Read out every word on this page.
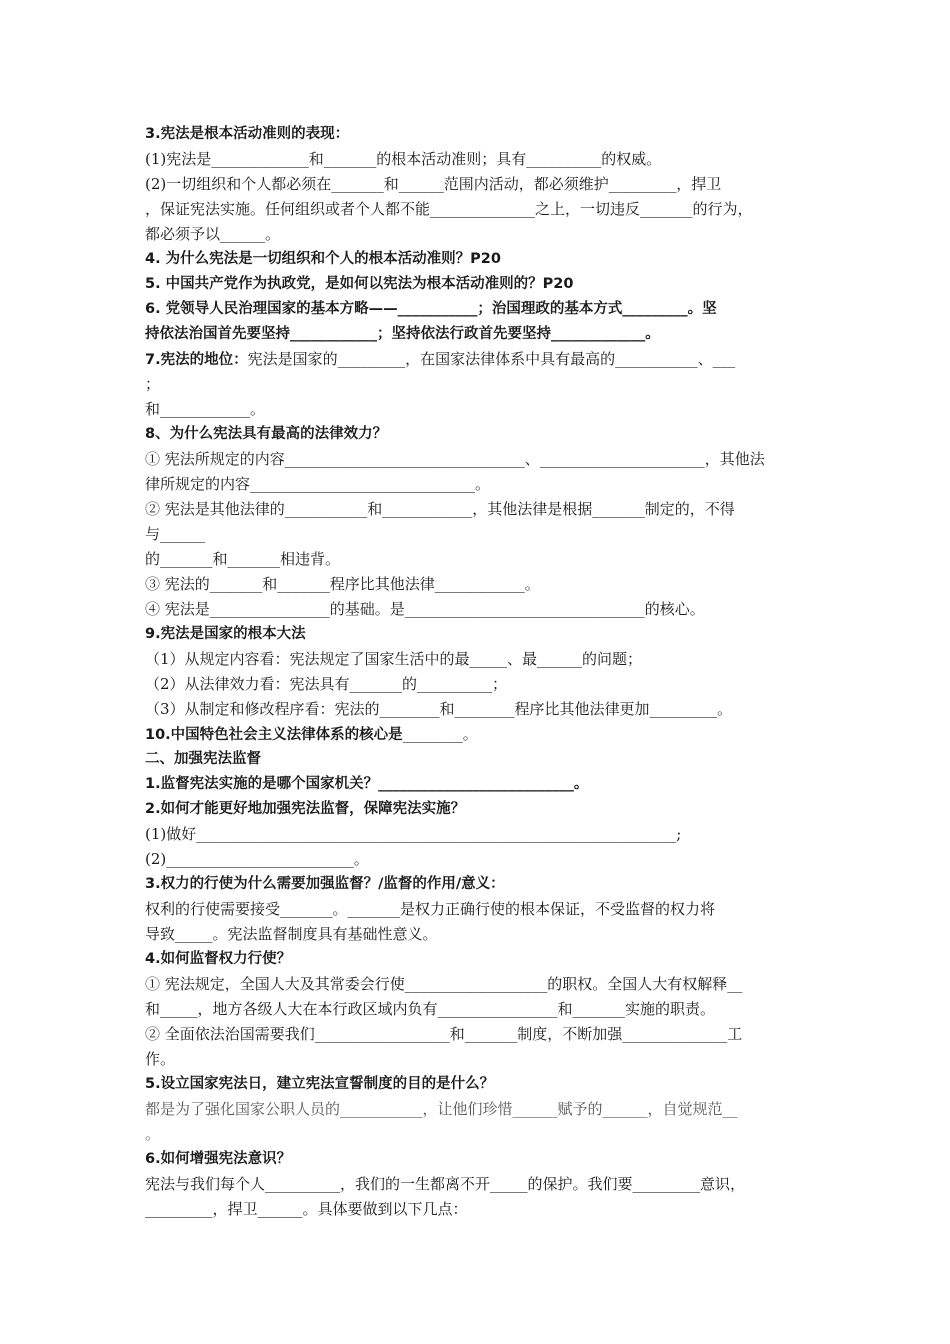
3.宪法是根本活动准则的表现：
(1)宪法是_____________和_______的根本活动准则；具有__________的权威。
(2)一切组织和个人都必须在_______和______范围内活动，都必须维护_________，捍卫
，保证宪法实施。任何组织或者个人都不能______________之上，一切违反_______的行为，
都必须予以______。
4. 为什么宪法是一切组织和个人的根本活动准则？P20
5. 中国共产党作为执政党，是如何以宪法为根本活动准则的？P20
6. 党领导人民治理国家的基本方略——___________；治国理政的基本方式_________。坚
持依法治国首先要坚持____________；坚持依法行政首先要坚持_____________。
7.宪法的地位：宪法是国家的_________，在国家法律体系中具有最高的___________、___
；
和____________。
8、为什么宪法具有最高的法律效力？
① 宪法所规定的内容________________________________、______________________，其他法
律所规定的内容______________________________。
② 宪法是其他法律的___________和____________，其他法律是根据_______制定的，不得
与______
的_______和_______相违背。
③ 宪法的_______和_______程序比其他法律____________。
④ 宪法是________________的基础。是________________________________的核心。
9.宪法是国家的根本大法
（1）从规定内容看：宪法规定了国家生活中的最_____、最______的问题；
（2）从法律效力看：宪法具有_______的__________；
（3）从制定和修改程序看：宪法的________和________程序比其他法律更加_________。
10.中国特色社会主义法律体系的核心是________。
二、加强宪法监督
1.监督宪法实施的是哪个国家机关？___________________________。
2.如何才能更好地加强宪法监督，保障宪法实施？
(1)做好________________________________________________________________;
(2)_________________________。
3.权力的行使为什么需要加强监督？/监督的作用/意义：
权利的行使需要接受_______。_______是权力正确行使的根本保证，不受监督的权力将
导致_____。宪法监督制度具有基础性意义。
4.如何监督权力行使？
① 宪法规定，全国人大及其常委会行使___________________的职权。全国人大有权解释__
和_____，地方各级人大在本行政区域内负有________________和_______实施的职责。
② 全面依法治国需要我们__________________和_______制度，不断加强______________工
作。
5.设立国家宪法日，建立宪法宣誓制度的目的是什么？
都是为了强化国家公职人员的___________，让他们珍惜______赋予的______，自觉规范__
。
6.如何增强宪法意识？
宪法与我们每个人__________，我们的一生都离不开_____的保护。我们要_________意识，
_________，捍卫______。具体要做到以下几点：
